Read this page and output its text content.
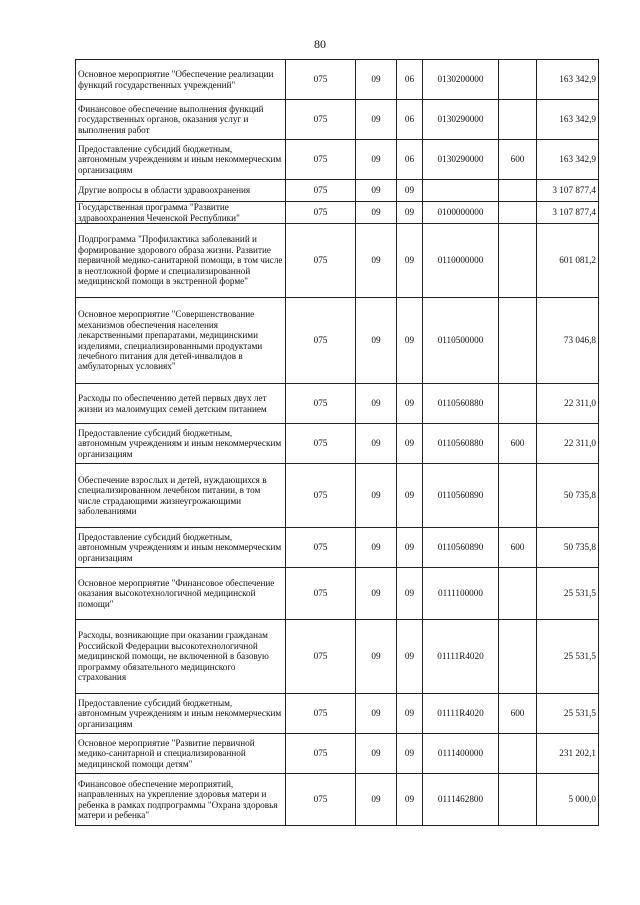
80
Основное мероприятие "Обеспечение реализации функций государственных учреждений"	075	09	06	0130200000		163 342,9
Финансовое обеспечение выполнения функций государственных органов, оказания услуг и выполнения работ	075	09	06	0130290000		163 342,9
Предоставление субсидий бюджетным, автономным учреждениям и иным некоммерческим организациям	075	09	06	0130290000	600	163 342,9
Другие вопросы в области здравоохранения	075	09	09			3 107 877,4
Государственная программа "Развитие здравоохранения Чеченской Республики"	075	09	09	0100000000		3 107 877,4
Подпрограмма "Профилактика заболеваний и формирование здорового образа жизни. Развитие первичной медико-санитарной помощи, в том числе в неотложной форме и специализированной медицинской помощи в экстренной форме"	075	09	09	0110000000		601 081,2
Основное мероприятие "Совершенствование механизмов обеспечения населения лекарственными препаратами, медицинскими изделиями, специализированными продуктами лечебного питания для детей-инвалидов в амбулаторных условиях"	075	09	09	0110500000		73 046,8
Расходы по обеспечению детей первых двух лет жизни из малоимущих семей детским питанием	075	09	09	0110560880		22 311,0
Предоставление субсидий бюджетным, автономным учреждениям и иным некоммерческим организациям	075	09	09	0110560880	600	22 311,0
Обеспечение взрослых и детей, нуждающихся в специализированном лечебном питании, в том числе страдающими жизнеугрожающими заболеваниями	075	09	09	0110560890		50 735,8
Предоставление субсидий бюджетным, автономным учреждениям и иным некоммерческим организациям	075	09	09	0110560890	600	50 735,8
Основное мероприятие "Финансовое обеспечение оказания высокотехнологичной медицинской помощи"	075	09	09	0111100000		25 531,5
Расходы, возникающие при оказании гражданам Российской Федерации высокотехнологичной медицинской помощи, не включенной в базовую программу обязательного медицинского страхования	075	09	09	01111R4020		25 531,5
Предоставление субсидий бюджетным, автономным учреждениям и иным некоммерческим организациям	075	09	09	01111R4020	600	25 531,5
Основное мероприятие "Развитие первичной медико-санитарной и специализированной медицинской помощи детям"	075	09	09	0111400000		231 202,1
Финансовое обеспечение мероприятий, направленных на укрепление здоровья матери и ребенка в рамках подпрограммы "Охрана здоровья матери и ребенка"	075	09	09	0111462800		5 000,0
